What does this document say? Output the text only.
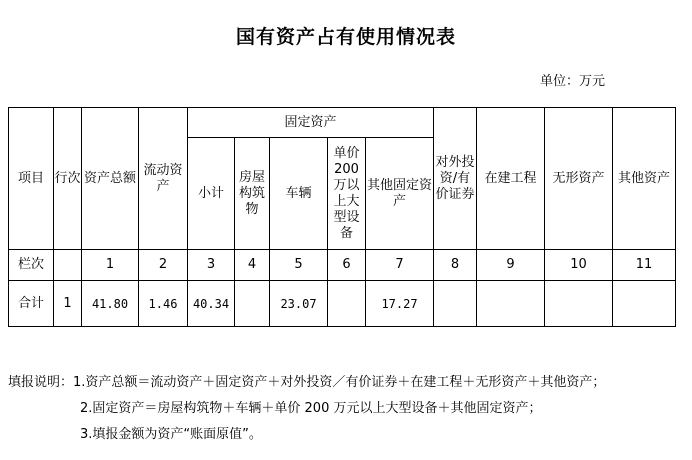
国有资产占有使用情况表
单位：万元
项目	行次	资产总额	流动资产	固定资产					对外投资/有价证券	在建工程	无形资产	其他资产
				小计	房屋构筑物	车辆	单价200万以上大型设备	其他固定资产				
栏次		1	2	3	4	5	6	7	8	9	10	11
合计	1	41.80	1.46	40.34		23.07		17.27				
填报说明：1.资产总额＝流动资产＋固定资产＋对外投资／有价证券＋在建工程＋无形资产＋其他资产；
2.固定资产＝房屋构筑物＋车辆＋单价 200 万元以上大型设备＋其他固定资产；
3.填报金额为资产“账面原值”。
